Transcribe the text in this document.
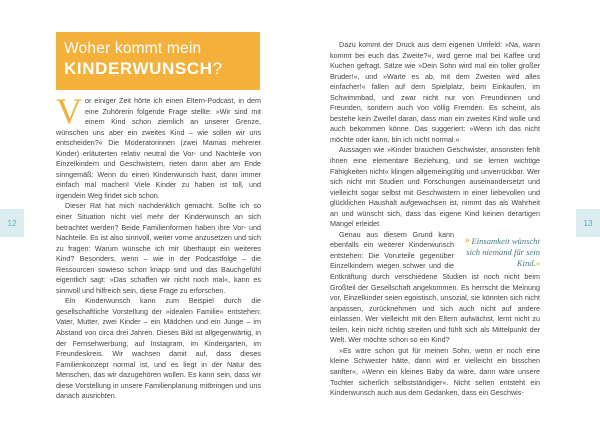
Woher kommt mein
KINDERWUNSCH?
12	13

Vor einiger Zeit hörte ich einen Eltern-Podcast, in dem eine Zuhörerin folgende Frage stellte: »Wir sind mit einem Kind schon ziemlich an unserer Grenze, wünschen uns aber ein zweites Kind – wie sollen wir uns entscheiden?« Die Moderatorinnen (zwei Mamas mehrerer Kinder) erläuterten relativ neutral die Vor- und Nachteile von Einzelkindern und Geschwistern, rieten dann aber am Ende sinngemäß: Wenn du einen Kinderwunsch hast, dann immer einfach mal machen! Viele Kinder zu haben ist toll, und irgendein Weg findet sich schon.

Dieser Rat hat mich nachdenklich gemacht. Sollte ich so einer Situation nicht viel mehr der Kinderwunsch an sich betrachtet werden? Beide Familienformen haben ihre Vor- und Nachteile. Es ist also sinnvoll, weiter vorne anzusetzen und sich zu fragen: Warum wünsche ich mir überhaupt ein weiteres Kind? Besonders, wenn – wie in der Podcastfolge – die Ressourcen sowieso schon knapp sind und das Bauchgefühl eigentlich sagt: »Das schaffen wir nicht noch mal«, kann es sinnvoll und hilfreich sein, diese Frage zu erforschen.

Ein Kinderwunsch kann zum Beispiel durch die gesellschaftliche Vorstellung der »idealen Familie« entstehen: Vater, Mutter, zwei Kinder – ein Mädchen und ein Junge – im Abstand von circa drei Jahren. Dieses Bild ist allgegenwärtig, in der Fernsehwerbung, auf Instagram, im Kindergarten, im Freundeskreis. Wir wachsen damit auf, dass dieses Familienkonzept normal ist, und es liegt in der Natur des Menschen, das wir dazugehören wollen. Es kann sein, dass wir diese Vorstellung in unsere Familienplanung mitbringen und uns danach ausrichten.

Dazu kommt der Druck aus dem eigenen Umfeld: »Na, wann kommt bei euch das Zweite?«, wird gerne mal bei Kaffee und Kuchen gefragt. Sätze wie »Dein Sohn wird mal ein toller großer Bruder!«, und »Warte es ab, mit dem Zweiten wird alles einfacher!« fallen auf dem Spielplatz, beim Einkaufen, im Schwimmbad, und zwar nicht nur von Freundinnen und Freunden, sondern auch von völlig Fremden. Es scheint, als bestehe kein Zweifel daran, dass man ein zweites Kind wolle und auch bekommen könne. Das suggeriert: »Wenn ich das nicht möchte oder kann, bin ich nicht normal.«

Aussagen wie »Kinder brauchen Geschwister, ansonsten fehlt ihnen eine elementare Beziehung, und sie lernen wichtige Fähigkeiten nicht« klingen allgemeingültig und unverrückbar. Wer sich nicht mit Studien und Forschungen auseinandersetzt und vielleicht sogar selbst mit Geschwistern in einer liebevollen und glücklichen Haushalt aufgewachsen ist, nimmt das als Wahrheit an und wünscht sich, dass das eigene Kind keinen derartigen Mangel erleidet.

» Einsamkeit wünscht sich niemand für sein Kind.«
Genau aus diesem Grund kann ebenfalls ein weiterer Kinderwunsch entstehen: Die Vorurteile gegenüber Einzelkindern wiegen schwer und die Entkräftung durch verschiedene Studien ist noch nicht beim Großteil der Gesellschaft angekommen. Es herrscht die Meinung vor, Einzelkinder seien egoistisch, unsozial, sie könnten sich nicht anpassen, zurücknehmen und sich auch nicht auf andere einlassen. Wer vielleicht mit den Eltern aufwächst, lernt nicht zu teilen, kein nicht richtig streiten und fühlt sich als Mittelpunkt der Welt. Wer möchte schon so ein Kind?

»Es wäre schon gut für meinen Sohn, wenn er noch eine kleine Schwester hätte, dann wird er vielleicht ein bisschen sanfter«, »Wenn ein kleines Baby da wäre, dann wäre unsere Tochter sicherlich selbstständiger«. Nicht selten entsteht ein Kinderwunsch auch aus dem Gedanken, dass ein Geschwis-
